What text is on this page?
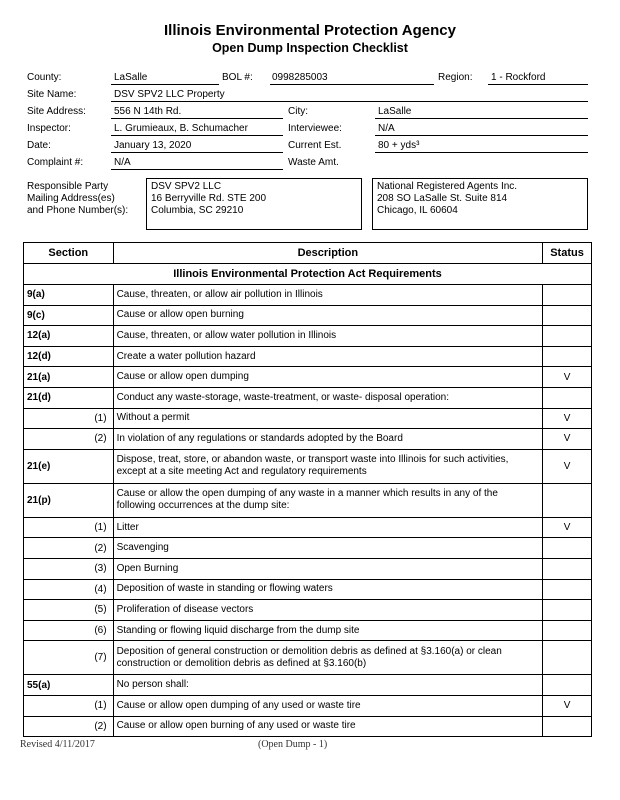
Illinois Environmental Protection Agency
Open Dump Inspection Checklist
County:	LaSalle	BOL #: 0998285003	Region: 1 - Rockford
Site Name:	DSV SPV2 LLC Property
Site Address:	556 N 14th Rd.	City:	LaSalle
Inspector:	L. Grumieaux, B. Schumacher	Interviewee:	N/A
Date:	January 13, 2020	Current Est.	80 + yds³
Complaint #:	N/A	Waste Amt.
Responsible Party
Mailing Address(es)
and Phone Number(s):
DSV SPV2 LLC
16 Berryville Rd. STE 200
Columbia, SC 29210
National Registered Agents Inc.
208 SO LaSalle St. Suite 814
Chicago, IL 60604
Section	Description	Status
Illinois Environmental Protection Act Requirements		
9(a)	Cause, threaten, or allow air pollution in Illinois	
9(c)	Cause or allow open burning	
12(a)	Cause, threaten, or allow water pollution in Illinois	
12(d)	Create a water pollution hazard	
21(a)	Cause or allow open dumping	V
21(d)	Conduct any waste-storage, waste-treatment, or waste- disposal operation:	
(1)	Without a permit	V
(2)	In violation of any regulations or standards adopted by the Board	V
21(e)	Dispose, treat, store, or abandon waste, or transport waste into Illinois for such activities, except at a site meeting Act and regulatory requirements	V
21(p)	Cause or allow the open dumping of any waste in a manner which results in any of the following occurrences at the dump site:	
(1)	Litter	V
(2)	Scavenging	
(3)	Open Burning	
(4)	Deposition of waste in standing or flowing waters	
(5)	Proliferation of disease vectors	
(6)	Standing or flowing liquid discharge from the dump site	
(7)	Deposition of general construction or demolition debris as defined at §3.160(a) or clean construction or demolition debris as defined at §3.160(b)	
55(a)	No person shall:	
(1)	Cause or allow open dumping of any used or waste tire	V
(2)	Cause or allow open burning of any used or waste tire	
Revised 4/11/2017	(Open Dump - 1)
